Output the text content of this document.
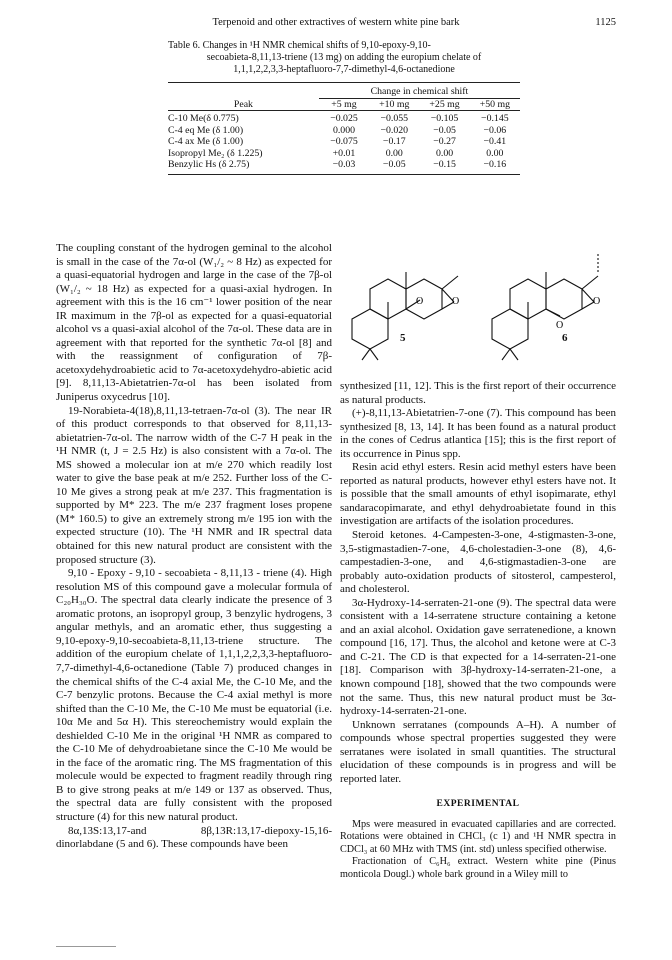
Terpenoid and other extractives of western white pine bark	1125
Table 6. Changes in ¹H NMR chemical shifts of 9,10-epoxy-9,10-
secoabieta-8,11,13-triene (13 mg) on adding the europium chelate of
1,1,1,2,2,3,3-heptafluoro-7,7-dimethyl-4,6-octanedione

	Change in chemical shift			

Peak	+5 mg	+10 mg	+25 mg	+50 mg

C-10 Me(δ 0.775)	−0.025	−0.055	−0.105	−0.145
C-4 eq Me (δ 1.00)	0.000	−0.020	−0.05	−0.06
C-4 ax Me (δ 1.00)	−0.075	−0.17	−0.27	−0.41
Isopropyl Me₂ (δ 1.225)	+0.01	0.00	0.00	0.00
Benzylic Hs (δ 2.75)	−0.03	−0.05	−0.15	−0.16

The coupling constant of the hydrogen geminal to the alcohol is small in the case of the 7α-ol (W₁/₂ ~ 8 Hz) as expected for a quasi-equatorial hydrogen and large in the case of the 7β-ol (W₁/₂ ~ 18 Hz) as expected for a quasi-axial hydrogen. In agreement with this is the 16 cm⁻¹ lower position of the near IR maximum in the 7β-ol as expected for a quasi-equatorial alcohol vs a quasi-axial alcohol of the 7α-ol. These data are in agreement with that reported for the synthetic 7α-ol [8] and with the reassignment of configuration of 7β-acetoxydehydroabietic acid to 7α-acetoxydehydro-abietic acid [9]. 8,11,13-Abietatrien-7α-ol has been isolated from Juniperus oxycedrus [10].

19-Norabieta-4(18),8,11,13-tetraen-7α-ol (3). The near IR of this product corresponds to that observed for 8,11,13-abietatrien-7α-ol. The narrow width of the C-7 H peak in the ¹H NMR (t, J = 2.5 Hz) is also consistent with a 7α-ol. The MS showed a molecular ion at m/e 270 which readily lost water to give the base peak at m/e 252. Further loss of the C-10 Me gives a strong peak at m/e 237. This fragmentation is supported by M* 223. The m/e 237 fragment loses propene (M* 160.5) to give an extremely strong m/e 195 ion with the expected structure (10). The ¹H NMR and IR spectral data obtained for this new natural product are consistent with the proposed structure (3).

9,10 - Epoxy - 9,10 - secoabieta - 8,11,13 - triene (4). High resolution MS of this compound gave a molecular formula of C₂₀H₃₀O. The spectral data clearly indicate the presence of 3 aromatic protons, an isopropyl group, 3 benzylic hydrogens, 3 angular methyls, and an aromatic ether, thus suggesting a 9,10-epoxy-9,10-secoabieta-8,11,13-triene structure. The addition of the europium chelate of 1,1,1,2,2,3,3-heptafluoro-7,7-dimethyl-4,6-octanedione (Table 7) produced changes in the chemical shifts of the C-4 axial Me, the C-10 Me, and the C-7 benzylic protons. Because the C-4 axial methyl is more shifted than the C-10 Me, the C-10 Me must be equatorial (i.e. 10α Me and 5α H). This stereochemistry would explain the deshielded C-10 Me in the original ¹H NMR as compared to the C-10 Me of dehydroabietane since the C-10 Me would be in the face of the aromatic ring. The MS fragmentation of this molecule would be expected to fragment readily through ring B to give strong peaks at m/e 149 or 137 as observed. Thus, the spectral data are fully consistent with the proposed structure (4) for this new natural product.

8α,13S:13,17-and 8β,13R:13,17-diepoxy-15,16-dinorlabdane (5 and 6). These compounds have been

O	O
O
O
5	6

synthesized [11, 12]. This is the first report of their occurrence as natural products.

(+)-8,11,13-Abietatrien-7-one (7). This compound has been synthesized [8, 13, 14]. It has been found as a natural product in the cones of Cedrus atlantica [15]; this is the first report of its occurrence in Pinus spp.

Resin acid ethyl esters. Resin acid methyl esters have been reported as natural products, however ethyl esters have not. It is possible that the small amounts of ethyl isopimarate, ethyl sandaracopimarate, and ethyl dehydroabietate found in this investigation are artifacts of the isolation procedures.

Steroid ketones. 4-Campesten-3-one, 4-stigmasten-3-one, 3,5-stigmastadien-7-one, 4,6-cholestadien-3-one (8), 4,6-campestadien-3-one, and 4,6-stigmastadien-3-one are probably auto-oxidation products of sitosterol, campesterol, and cholesterol.

3α-Hydroxy-14-serraten-21-one (9). The spectral data were consistent with a 14-serratene structure containing a ketone and an axial alcohol. Oxidation gave serratenedione, a known compound [16, 17]. Thus, the alcohol and ketone were at C-3 and C-21. The CD is that expected for a 14-serraten-21-one [18]. Comparison with 3β-hydroxy-14-serraten-21-one, a known compound [18], showed that the two compounds were not the same. Thus, this new natural product must be 3α-hydroxy-14-serraten-21-one.

Unknown serratanes (compounds A–H). A number of compounds whose spectral properties suggested they were serratanes were isolated in small quantities. The structural elucidation of these compounds is in progress and will be reported later.

EXPERIMENTAL

Mps were measured in evacuated capillaries and are corrected. Rotations were obtained in CHCl₃ (c 1) and ¹H NMR spectra in CDCl₃ at 60 MHz with TMS (int. std) unless specified otherwise.

Fractionation of C₆H₆ extract. Western white pine (Pinus monticola Dougl.) whole bark ground in a Wiley mill to
